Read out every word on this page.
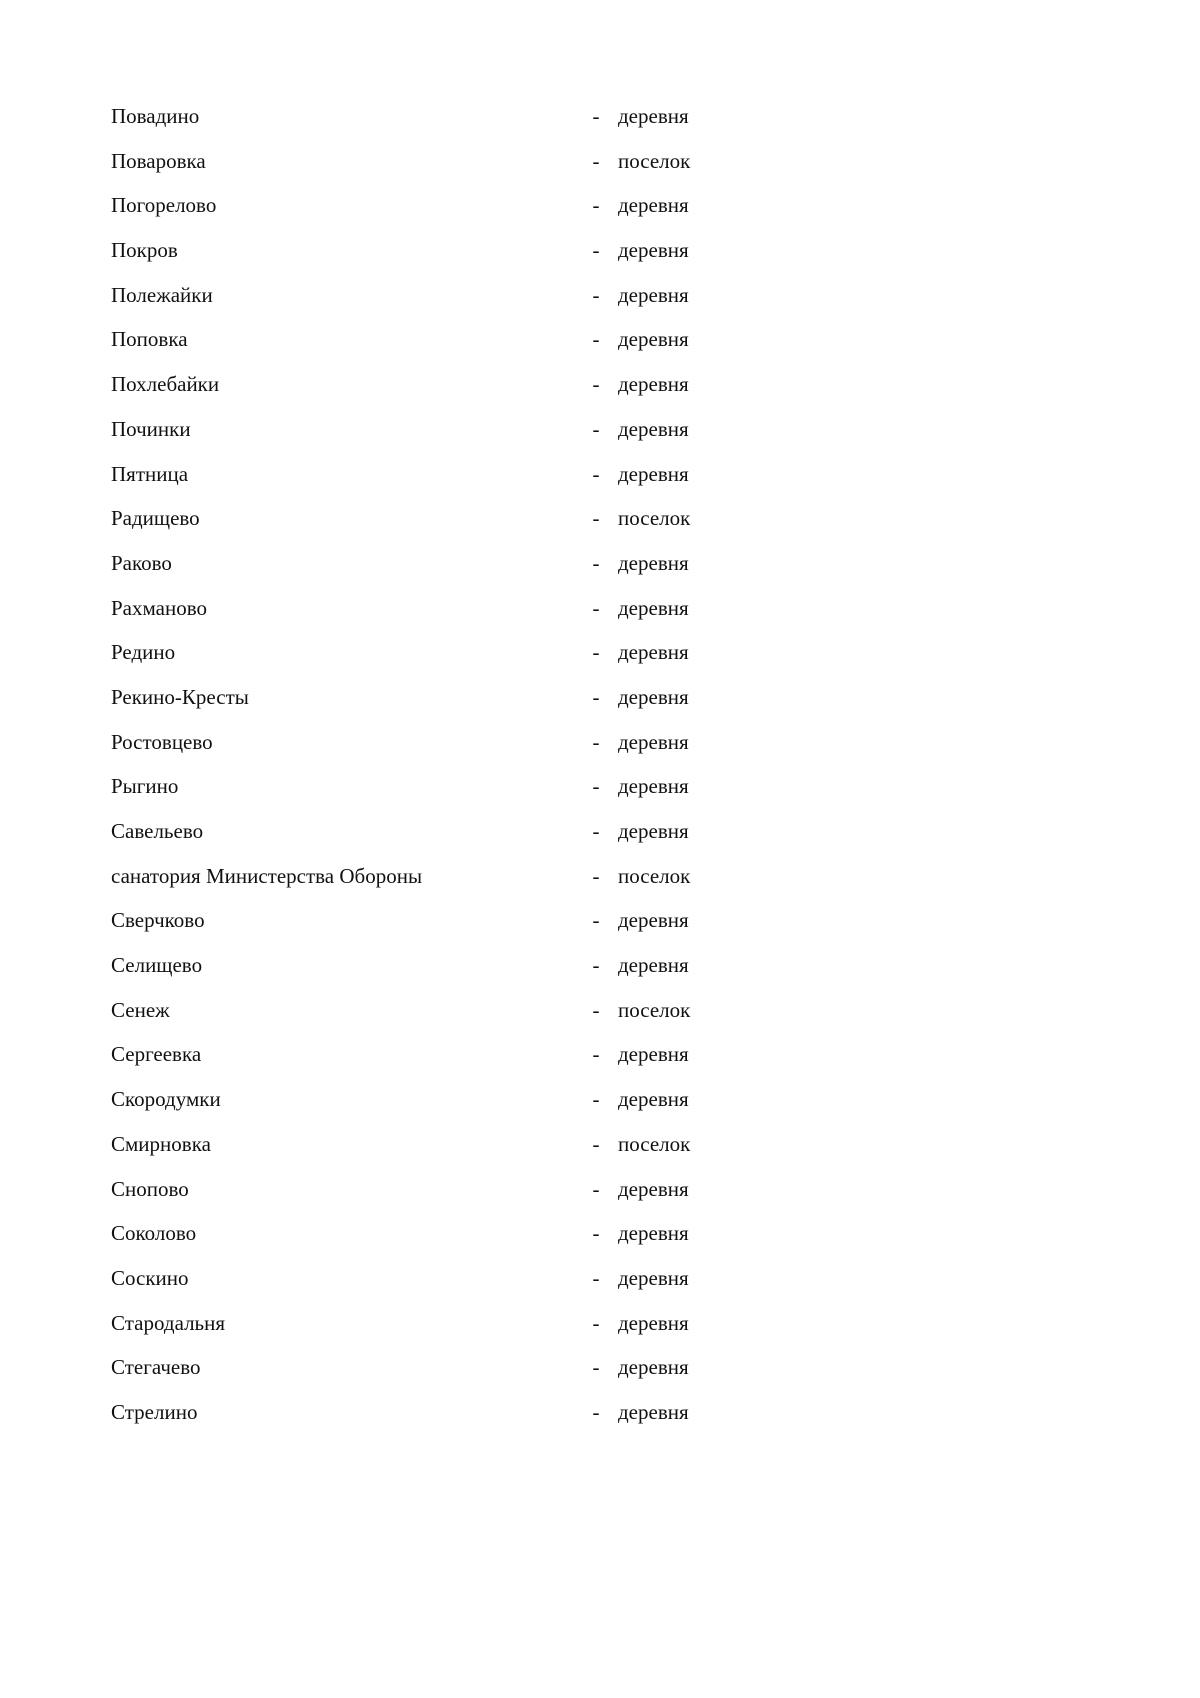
Повадино	- деревня
Поваровка	- поселок
Погорелово	- деревня
Покров	- деревня
Полежайки	- деревня
Поповка	- деревня
Похлебайки	- деревня
Починки	- деревня
Пятница	- деревня
Радищево	- поселок
Раково	- деревня
Рахманово	- деревня
Редино	- деревня
Рекино-Кресты	- деревня
Ростовцево	- деревня
Рыгино	- деревня
Савельево	- деревня
санатория Министерства Обороны	- поселок
Сверчково	- деревня
Селищево	- деревня
Сенеж	- поселок
Сергеевка	- деревня
Скородумки	- деревня
Смирновка	- поселок
Снопово	- деревня
Соколово	- деревня
Соскино	- деревня
Стародальня	- деревня
Стегачево	- деревня
Стрелино	- деревня
